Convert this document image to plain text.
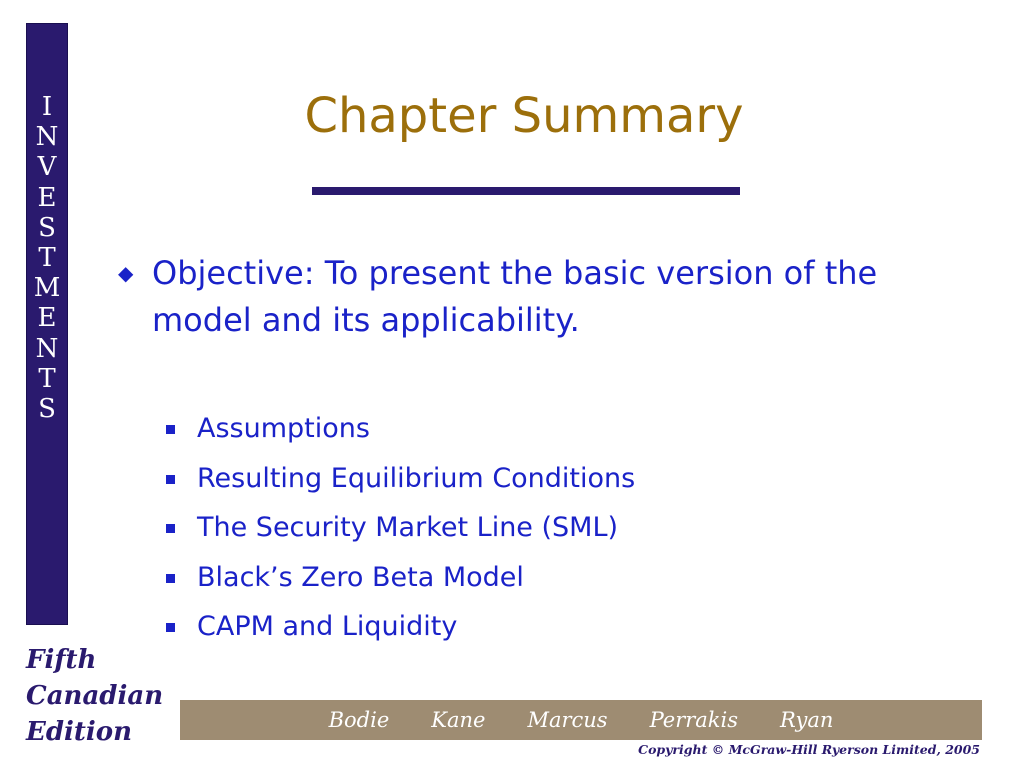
I
N
V
E
S
T
M
E
N
T
S
Fifth
Canadian
Edition
Chapter Summary
◆ Objective: To present the basic version of the model and its applicability.
Assumptions
Resulting Equilibrium Conditions
The Security Market Line (SML)
Black’s Zero Beta Model
CAPM and Liquidity
Bodie Kane Marcus Perrakis Ryan
Copyright © McGraw-Hill Ryerson Limited, 2005
